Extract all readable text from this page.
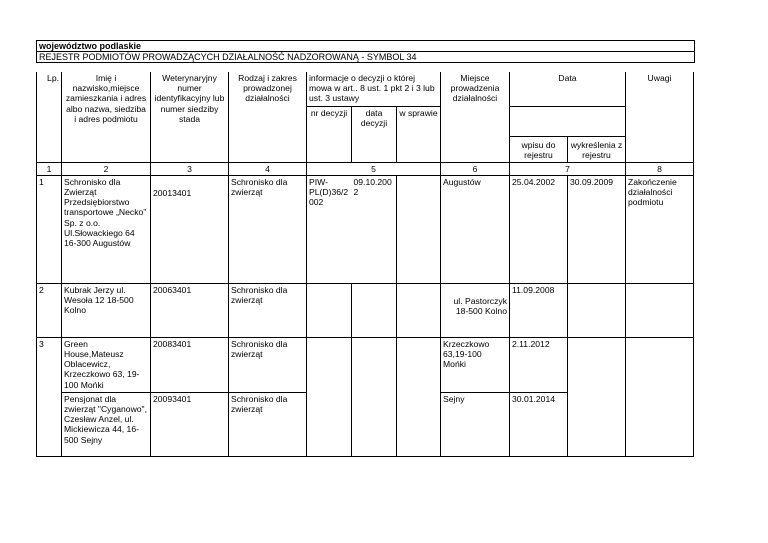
województwo podlaskie
REJESTR PODMIOTÓW PROWADZĄCYCH DZIAŁALNOŚĆ NADZOROWANĄ - SYMBOL 34
Lp.	Imię i nazwisko,miejsce zamieszkania i adres albo nazwa, siedziba i adres podmiotu	Weterynaryjny numer identyfikacyjny lub numer siedziby stada	Rodzaj i zakres prowadzonej działalności	informacje o decyzji o której mowa w art.. 8 ust. 1 pkt 2 i 3 lub ust. 3 ustawy			Miejsce prowadzenia działalności	Data		Uwagi
				nr decyzji	data decyzji	w sprawie				
								wpisu do rejestru	wykreślenia z rejestru	
1	2	3	4	5			6	7		8
1	Schronisko dla Zwierząt Przedsiębiorstwo transportowe „Necko” Sp. z o.o. Ul.Słowackiego 64 16-300 Augustów	20013401	Schronisko dla zwierząt	PIW-PL(D)36/2 002	09.10.200 2		Augustów	25.04.2002	30.09.2009	Zakończenie działalności podmiotu
2	Kubrak Jerzy ul. Wesoła 12 18-500 Kolno	20063401	Schronisko dla zwierząt				ul. Pastorczyk 18-500 Kolno	11.09.2008		
3	Green House,Mateusz Oblacewicz, Krzeczkowo 63, 19-100 Mońki	20083401	Schronisko dla zwierząt				Krzeczkowo 63,19-100 Mońki	2.11.2012		
	Pensjonat dla zwierząt "Cyganowo", Czesław Anzel, ul. Mickiewicza 44, 16-500 Sejny	20093401	Schronisko dla zwierząt				Sejny	30.01.2014		
